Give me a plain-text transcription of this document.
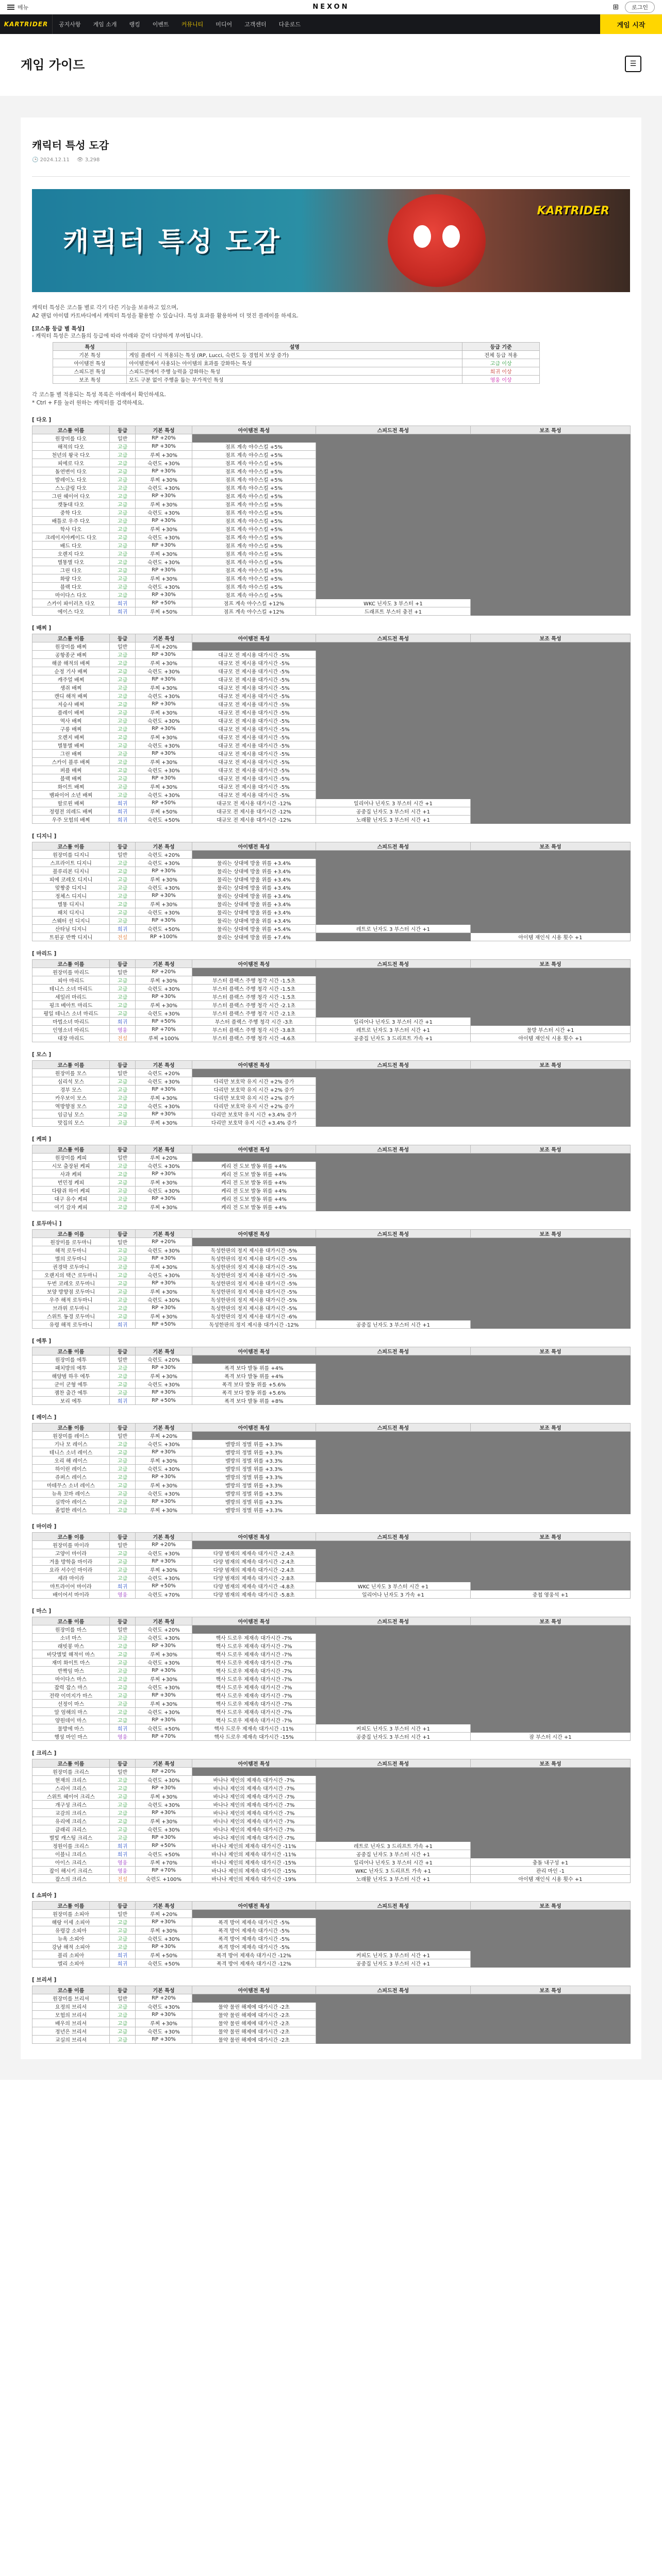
메뉴	NEXON	⊞	로그인
KARTRIDER	공지사항	게임 소개	랭킹	이벤트	커뮤니티	미디어	고객센터	다운로드	게임 시작
게임 가이드	☰
캐릭터 특성 도감
🕒 2024.12.11 👁 3,298
캐릭터 특성 도감
KARTRIDER
캐릭터 특성은 코스튬 별로 각기 다른 기능을 보유하고 있으며,
A2 랜덤 아이템 카트바디에서 캐릭터 특성을 활용할 수 있습니다. 특성 효과를 활용하여 더 멋진 플레이를 하세요.
[코스튬 등급 별 특성]
- 캐릭터 특성은 코스튬의 등급에 따라 아래와 같이 다양하게 부여됩니다.
특성	설명	등급 기준
기본 특성	게임 플레이 시 적용되는 특성 (RP, Lucci, 숙련도 등 경험치 보상 증가)	전체 등급 적용
아이템전 특성	아이템전에서 사용되는 아이템의 효과를 강화하는 특성	고급 이상
스피드전 특성	스피드전에서 주행 능력을 강화하는 특성	희귀 이상
보조 특성	모드 구분 없이 주행을 돕는 부가적인 특성	영웅 이상
각 코스튬 별 적용되는 특성 목록은 아래에서 확인하세요.
* Ctrl + F를 눌러 원하는 캐릭터를 검색하세요.
[ 다오 ]
코스튬 이름	등급	기본 특성	아이템전 특성	스피드전 특성	보조 특성
원장미를 다오	일반	RP +20%			
해적의 다오	고급	RP +30%	점프 계속 야수스킬 +5%		
천년의 왕국 다오	고급	루찌 +30%	점프 계속 야수스킬 +5%		
피에로 다오	고급	숙련도 +30%	점프 계속 야수스킬 +5%		
돌연변이 다오	고급	RP +30%	점프 계속 야수스킬 +5%		
발레이노 다오	고급	루찌 +30%	점프 계속 야수스킬 +5%		
스노클링 다오	고급	숙련도 +30%	점프 계속 야수스킬 +5%		
그린 헤이어 다오	고급	RP +30%	점프 계속 야수스킬 +5%		
캣동대 다오	고급	루찌 +30%	점프 계속 야수스킬 +5%		
중학 다오	고급	숙련도 +30%	점프 계속 야수스킬 +5%		
배틀로 우주 다오	고급	RP +30%	점프 계속 야수스킬 +5%		
학사 다오	고급	루찌 +30%	점프 계속 야수스킬 +5%		
크레이지아케이드 다오	고급	숙련도 +30%	점프 계속 야수스킬 +5%		
배드 다오	고급	RP +30%	점프 계속 야수스킬 +5%		
오렌지 다오	고급	루찌 +30%	점프 계속 야수스킬 +5%		
별똥별 다오	고급	숙련도 +30%	점프 계속 야수스킬 +5%		
그린 다오	고급	RP +30%	점프 계속 야수스킬 +5%		
화랑 다오	고급	루찌 +30%	점프 계속 야수스킬 +5%		
블랙 다오	고급	숙련도 +30%	점프 계속 야수스킬 +5%		
마이다스 다오	고급	RP +30%	점프 계속 야수스킬 +5%		
스카이 파이러츠 다오	희귀	RP +50%	점프 계속 야수스킬 +12%	WKC 닌자도 3 부스터 +1	
에이스 다오	희귀	루찌 +50%	점프 계속 야수스킬 +12%	드래프트 부스터 충전 +1	
[ 배찌 ]
코스튬 이름	등급	기본 특성	아이템전 특성	스피드전 특성	보조 특성
원장미를 배찌	일반	루찌 +20%			
공항종군 배찌	고급	RP +30%	대규모 전 제시용 대가시간 -5%		
해골 해적의 배찌	고급	루찌 +30%	대규모 전 제시용 대가시간 -5%		
순정 기사 배찌	고급	숙련도 +30%	대규모 전 제시용 대가시간 -5%		
캐주얼 배찌	고급	RP +30%	대규모 전 제시용 대가시간 -5%		
생쥐 배찌	고급	루찌 +30%	대규모 전 제시용 대가시간 -5%		
캔디 해적 배찌	고급	숙련도 +30%	대규모 전 제시용 대가시간 -5%		
저승사 배찌	고급	RP +30%	대규모 전 제시용 대가시간 -5%		
플레이 배찌	고급	루찌 +30%	대규모 전 제시용 대가시간 -5%		
역사 배찌	고급	숙련도 +30%	대규모 전 제시용 대가시간 -5%		
구릉 배찌	고급	RP +30%	대규모 전 제시용 대가시간 -5%		
오렌지 배찌	고급	루찌 +30%	대규모 전 제시용 대가시간 -5%		
별똥별 배찌	고급	숙련도 +30%	대규모 전 제시용 대가시간 -5%		
그린 배찌	고급	RP +30%	대규모 전 제시용 대가시간 -5%		
스카이 블루 배찌	고급	루찌 +30%	대규모 전 제시용 대가시간 -5%		
퍼플 배찌	고급	숙련도 +30%	대규모 전 제시용 대가시간 -5%		
블랙 배찌	고급	RP +30%	대규모 전 제시용 대가시간 -5%		
화이트 배찌	고급	루찌 +30%	대규모 전 제시용 대가시간 -5%		
뱀파이어 소년 배찌	고급	숙련도 +30%	대규모 전 제시용 대가시간 -5%		
할로윈 배찌	희귀	RP +50%	대규모 전 제시용 대가시간 -12%	일리어나 닌자도 3 부스터 시간 +1	
정령전 의레드 배찌	희귀	루찌 +50%	대규모 전 제시용 대가시간 -12%	공중집 닌자도 3 부스터 시간 +1	
우주 모험의 배찌	희귀	숙련도 +50%	대규모 전 제시용 대가시간 -12%	노래활 닌자도 3 부스터 시간 +1	
[ 디지니 ]
코스튬 이름	등급	기본 특성	아이템전 특성	스피드전 특성	보조 특성
원장미를 디지니	일반	숙련도 +20%			
스프라이트 디지니	고급	숙련도 +30%	물리는 상대에 방울 위를 +3.4%		
블루리본 디지니	고급	RP +30%	물리는 상대에 방울 위를 +3.4%		
피에 코레오 디지니	고급	루찌 +30%	물리는 상대에 방울 위를 +3.4%		
맞짱중 디지니	고급	숙련도 +30%	물리는 상대에 방울 위를 +3.4%		
정체스 디지니	고급	RP +30%	물리는 상대에 방울 위를 +3.4%		
별똥 디지니	고급	루찌 +30%	물리는 상대에 방울 위를 +3.4%		
패치 디지니	고급	숙련도 +30%	물리는 상대에 방울 위를 +3.4%		
스웨터 선 디지니	고급	RP +30%	물리는 상대에 방울 위를 +3.4%		
산타님 디지니	희귀	숙련도 +50%	물리는 상대에 방울 위를 +5.4%	레트로 닌자도 3 부스터 시간 +1	
트윈공 반짝 디지니	전설	RP +100%	물리는 상대에 방울 위를 +7.4%		아이템 재인식 시용 횟수 +1
[ 마리드 ]
코스튬 이름	등급	기본 특성	아이템전 특성	스피드전 특성	보조 특성
원장미를 마리드	일반	RP +20%			
피아 마리드	고급	루찌 +30%	부스터 플랙스 주행 청각 시간 -1.5초		
테니스 소녀 마리드	고급	숙련도 +30%	부스터 플랙스 주행 청각 시간 -1.5초		
세일러 마리드	고급	RP +30%	부스터 플랙스 주행 청각 시간 -1.5초		
핑크 베아트 마리드	고급	루찌 +30%	부스터 플랙스 주행 청각 시간 -2.1초		
평일 테니스 소녀 마리드	고급	숙련도 +30%	부스터 플랙스 주행 청각 시간 -2.1초		
마법소녀 마리드	희귀	RP +50%	부스터 플랙스 주행 청각 시간 -3초	일리어나 닌자도 3 부스터 시간 +1	
인영소녀 마리드	영웅	RP +70%	부스터 플랙스 주행 청각 시간 -3.8초	레트로 닌자도 3 부스터 시간 +1	물방 부스터 시간 +1
대장 마리드	전설	루찌 +100%	부스터 플랙스 주행 청각 시간 -4.6초	공중집 닌자도 3 드리프트 가속 +1	아이템 재인식 시용 횟수 +1
[ 모스 ]
코스튬 이름	등급	기본 특성	아이템전 특성	스피드전 특성	보조 특성
원장미를 모스	일반	숙련도 +20%			
심리석 모스	고급	숙련도 +30%	다리만 보호막 유지 시간 +2% 증가		
경부 모스	고급	RP +30%	다리만 보호막 유지 시간 +2% 증가		
카우보이 모스	고급	루찌 +30%	다리만 보호막 유지 시간 +2% 증가		
역방향점 모스	고급	숙련도 +30%	다리만 보호막 유지 시간 +2% 증가		
임금님 모스	고급	RP +30%	다리만 보호막 유지 시간 +3.4% 증가		
맛집의 모스	고급	루찌 +30%	다리만 보호막 유지 시간 +3.4% 증가		
[ 케피 ]
코스튬 이름	등급	기본 특성	아이템전 특성	스피드전 특성	보조 특성
원장미를 케피	일반	루찌 +20%			
시모 출장된 케피	고급	숙련도 +30%	케리 전 도보 발동 위를 +4%		
사과 케피	고급	RP +30%	케리 전 도보 발동 위를 +4%		
번민정 케피	고급	루찌 +30%	케리 전 도보 발동 위를 +4%		
다람쥐 하이 케피	고급	숙련도 +30%	케리 전 도보 발동 위를 +4%		
대구 유수 케피	고급	RP +30%	케리 전 도보 발동 위를 +4%		
여기 감자 케피	고급	루찌 +30%	케리 전 도보 발동 위를 +4%		
[ 로두마니 ]
코스튬 이름	등급	기본 특성	아이템전 특성	스피드전 특성	보조 특성
원장미를 로두마니	일반	RP +20%			
해적 로두마니	고급	숙련도 +30%	독성한판의 정지 제시용 대가시간 -5%		
별의 로두마니	고급	RP +30%	독성한판의 정지 제시용 대가시간 -5%		
권경막 로두마니	고급	루찌 +30%	독성한판의 정지 제시용 대가시간 -5%		
오랜지의 택근 로두마니	고급	숙련도 +30%	독성한판의 정지 제시용 대가시간 -5%		
두번 코레오 로두마니	고급	RP +30%	독성한판의 정지 제시용 대가시간 -5%		
보양 방향점 로두마니	고급	루찌 +30%	독성한판의 정지 제시용 대가시간 -5%		
우주 해적 로두마니	고급	숙련도 +30%	독성한판의 정지 제시용 대가시간 -5%		
브라위 로두마니	고급	RP +30%	독성한판의 정지 제시용 대가시간 -5%		
스위트 동경 로두마니	고급	루찌 +30%	독성한판의 정지 제시용 대가시간 -6%		
유령 해적 로두마니	희귀	RP +50%	독성한판의 정지 제시용 대가시간 -12%	공중집 닌자도 3 부스터 시간 +1	
[ 에투 ]
코스튬 이름	등급	기본 특성	아이템전 특성	스피드전 특성	보조 특성
원장미를 에투	일반	숙련도 +20%			
패치방의 에투	고급	RP +30%	폭격 보다 발동 위를 +4%		
해양범 하우 에투	고급	루찌 +30%	폭격 보다 발동 위를 +4%		
군이 군형 에투	고급	숙련도 +30%	폭격 보다 발동 위를 +5.6%		
잼찬 출간 에투	고급	RP +30%	폭격 보다 발동 위를 +5.6%		
보리 에투	희귀	RP +50%	폭격 보다 발동 위를 +8%		
[ 레이스 ]
코스튬 이름	등급	기본 특성	아이템전 특성	스피드전 특성	보조 특성
원장미를 레이스	일반	루찌 +20%			
기나 모 레이스	고급	숙련도 +30%	밸방의 정벌 위를 +3.3%		
테니스 소녀 레이스	고급	RP +30%	밸방의 정벌 위를 +3.3%		
오리 해 레이스	고급	루찌 +30%	밸방의 정벌 위를 +3.3%		
하이린 레이스	고급	숙련도 +30%	밸방의 정벌 위를 +3.3%		
쥬퍼스 레이스	고급	RP +30%	밸방의 정벌 위를 +3.3%		
마테무스 소녀 레이스	고급	루찌 +30%	밸방의 정벌 위를 +3.3%		
뉴욕 꼬마 레이스	고급	숙련도 +30%	밸방의 정벌 위를 +3.3%		
실박아 레이스	고급	RP +30%	밸방의 정벌 위를 +3.3%		
졸업한 레이스	고급	루찌 +30%	밸방의 정벌 위를 +3.3%		
[ 마이라 ]
코스튬 이름	등급	기본 특성	아이템전 특성	스피드전 특성	보조 특성
원장미를 마이라	일반	RP +20%			
고양이 마이라	고급	숙련도 +30%	다양 범재의 제재속 대가시간 -2.4초		
겨울 방학을 마이라	고급	RP +30%	다양 범재의 제재속 대가시간 -2.4초		
요라 서수인 마이라	고급	루찌 +30%	다양 범재의 제재속 대가시간 -2.4초		
세라 마이라	고급	숙련도 +30%	다양 범재의 제재속 대가시간 -2.8초		
마트라이어 마이라	희귀	RP +50%	다양 범재의 제재속 대가시간 -4.8초	WKC 닌자도 3 부스터 시간 +1	
배이어서 마이라	영웅	숙련도 +70%	다양 범재의 제재속 대가시간 -5.8초	일리어나 닌자도 3 가속 +1	중첩 영웅석 +1
[ 마스 ]
코스튬 이름	등급	기본 특성	아이템전 특성	스피드전 특성	보조 특성
원장미를 마스	일반	숙련도 +20%			
소녀 마스	고급	숙련도 +30%	핵사 드로우 제재속 대가시간 -7%		
래빗봉 마스	고급	RP +30%	핵사 드로우 제재속 대가시간 -7%		
바닷별빛 해적이 마스	고급	루찌 +30%	핵사 드로우 제재속 대가시간 -7%		
재미 화이트 마스	고급	숙련도 +30%	핵사 드로우 제재속 대가시간 -7%		
반짝임 마스	고급	RP +30%	핵사 드로우 제재속 대가시간 -7%		
마이다스 마스	고급	루찌 +30%	핵사 드로우 제재속 대가시간 -7%		
잡력 잡스 마스	고급	숙련도 +30%	핵사 드로우 제재속 대가시간 -7%		
전략 이미지가 마스	고급	RP +30%	핵사 드로우 제재속 대가시간 -7%		
선정이 마스	고급	루찌 +30%	핵사 드로우 제재속 대가시간 -7%		
알 엄해의 마스	고급	숙련도 +30%	핵사 드로우 제재속 대가시간 -7%		
양원데이 마스	고급	RP +30%	핵사 드로우 제재속 대가시간 -7%		
물방에 마스	희귀	숙련도 +50%	핵사 드로우 제재속 대가시간 -11%	커피도 닌자도 3 부스터 시간 +1	
행성 마인 마스	영웅	RP +70%	핵사 드로우 제재속 대가시간 -15%	공중집 닌자도 3 부스터 시간 +1	잠 부스터 시간 +1
[ 크리스 ]
코스튬 이름	등급	기본 특성	아이템전 특성	스피드전 특성	보조 특성
원장미를 크리스	일반	RP +20%			
현재의 크리스	고급	숙련도 +30%	바나나 제인의 제재속 대가시간 -7%		
스리어 크리스	고급	RP +30%	바나나 제인의 제재속 대가시간 -7%		
스위트 헤이어 크리스	고급	루찌 +30%	바나나 제인의 제재속 대가시간 -7%		
개구성 크리스	고급	숙련도 +30%	바나나 제인의 제재속 대가시간 -7%		
교감의 크리스	고급	RP +30%	바나나 제인의 제재속 대가시간 -7%		
유리에 크리스	고급	루찌 +30%	바나나 제인의 제재속 대가시간 -7%		
클래리 크리스	고급	숙련도 +30%	바나나 제인의 제재속 대가시간 -7%		
별빛 캐스팅 크리스	고급	RP +30%	바나나 제인의 제재속 대가시간 -7%		
정원이를 크리스	희귀	RP +50%	바나나 제인의 제재속 대가시간 -11%	레트로 닌자도 3 드리프트 가속 +1	
이블니 크리스	희귀	숙련도 +50%	바나나 제인의 제재속 대가시간 -11%	공중집 닌자도 3 부스터 시간 +1	
아이스 크리스	영웅	루찌 +70%	바나나 제인의 제재속 대가시간 -15%	일리어나 닌자도 3 부스터 시간 +1	충돌 내구성 +1
잡이 해시키 크리스	영웅	RP +70%	바나나 제인의 제재속 대가시간 -15%	WKC 닌자도 3 드리프트 가속 +1	관리 마인 -1
잡스의 크리스	전설	숙련도 +100%	바나나 제인의 제재속 대가시간 -19%	노래활 닌자도 3 부스터 시간 +1	아이템 재인식 시용 횟수 +1
[ 소피아 ]
코스튬 이름	등급	기본 특성	아이템전 특성	스피드전 특성	보조 특성
원장미를 소피아	일반	루찌 +20%			
해랑 이세 소피아	고급	RP +30%	폭격 방어 제재속 대가시간 -5%		
유령강 소피아	고급	루찌 +30%	폭격 방어 제재속 대가시간 -5%		
뉴욕 소피아	고급	숙련도 +30%	폭격 방어 제재속 대가시간 -5%		
강남 해적 소피아	고급	RP +30%	폭격 방어 제재속 대가시간 -5%		
블리 소피아	희귀	루찌 +50%	폭격 방어 제재속 대가시간 -12%	커피도 닌자도 3 부스터 시간 +1	
엘리 소피아	희귀	숙련도 +50%	폭격 방어 제재속 대가시간 -12%	공중집 닌자도 3 부스터 시간 +1	
[ 브리셔 ]
코스튬 이름	등급	기본 특성	아이템전 특성	스피드전 특성	보조 특성
원장미를 브리셔	일반	RP +20%			
요정의 브리셔	고급	숙련도 +30%	물약 물린 해제에 대가시간 -2초		
모험의 브리셔	고급	RP +30%	물약 물린 해제에 대가시간 -2초		
배우의 브리셔	고급	루찌 +30%	물약 물린 해제에 대가시간 -2초		
정년은 브리셔	고급	숙련도 +30%	물약 물린 해제에 대가시간 -2초		
교실의 브리셔	고급	RP +30%	물약 물린 해제에 대가시간 -2초		
